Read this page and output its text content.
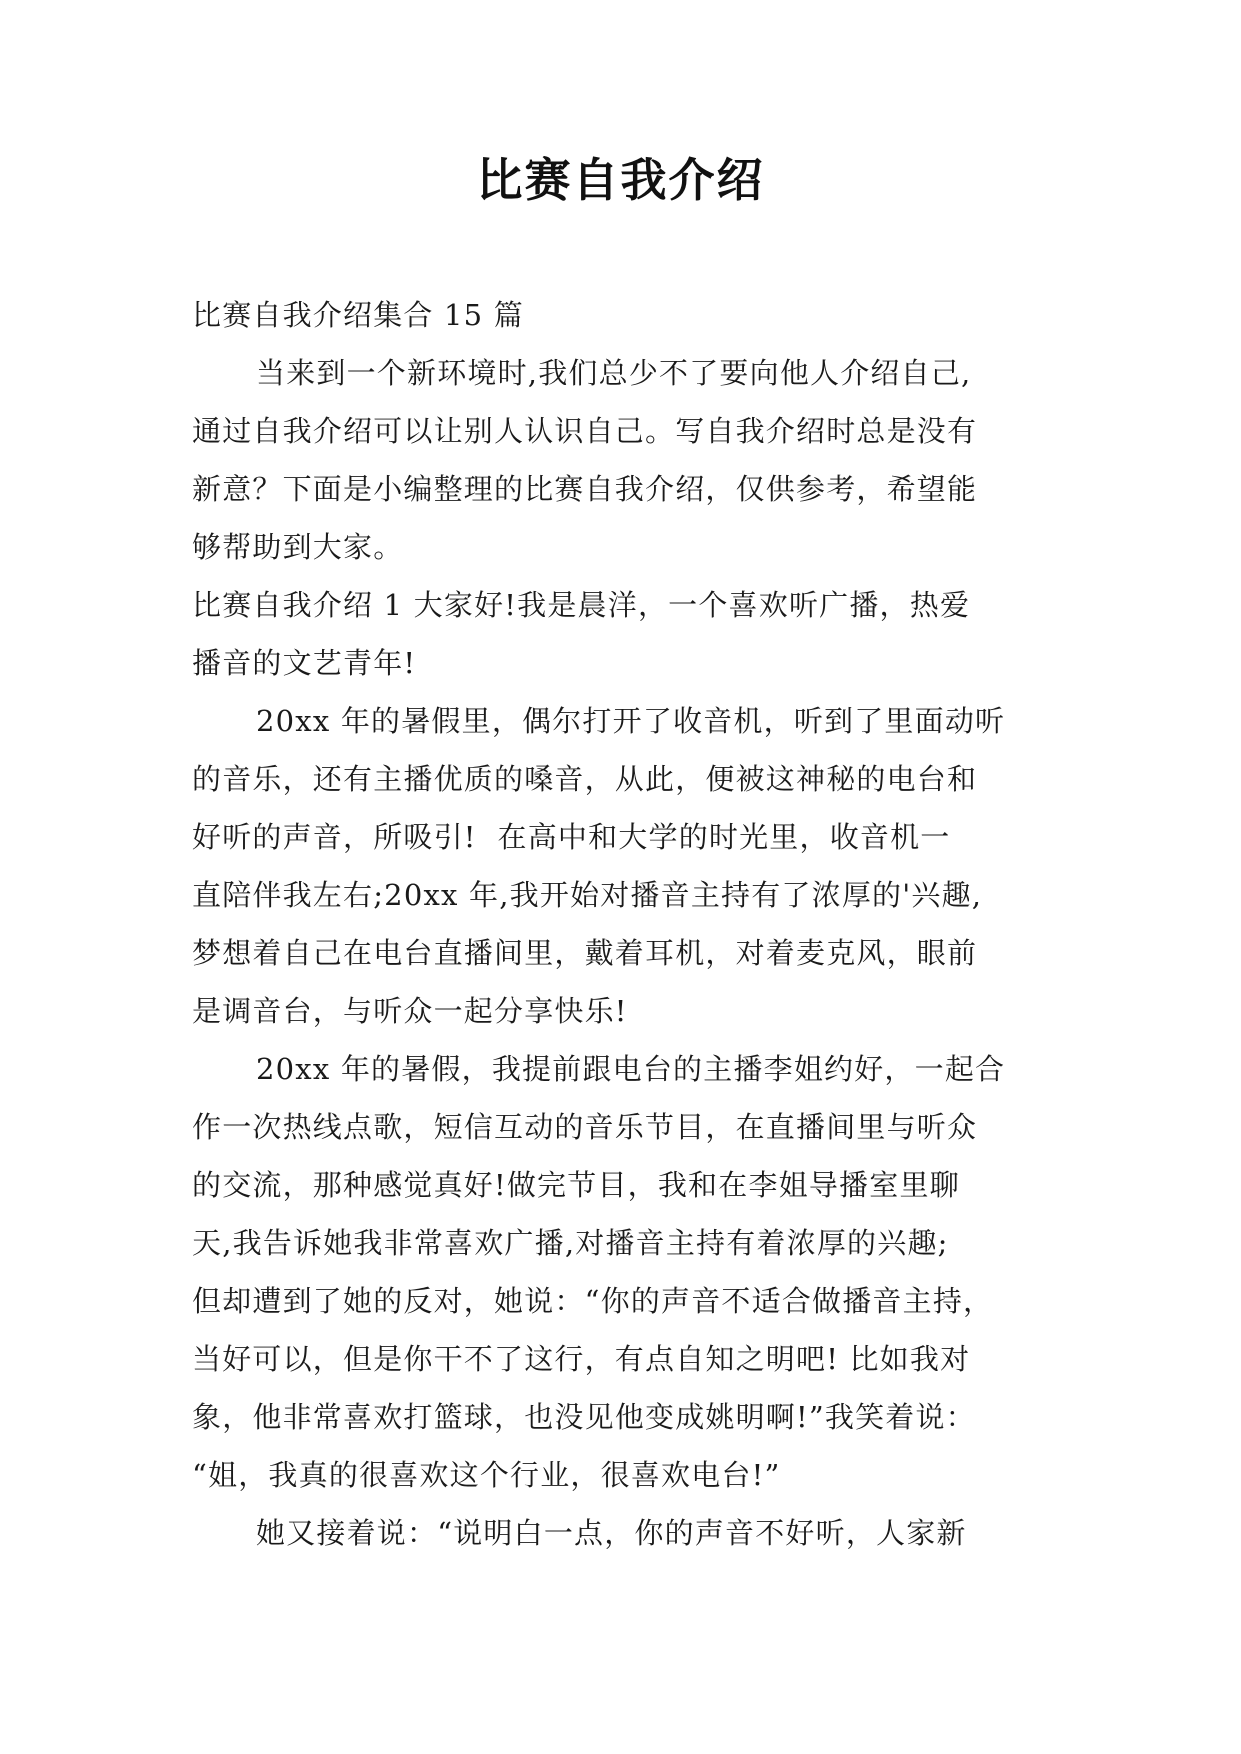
比赛自我介绍
比赛自我介绍集合 15 篇
当来到一个新环境时,我们总少不了要向他人介绍自己,
通过自我介绍可以让别人认识自己。写自我介绍时总是没有
新意？下面是小编整理的比赛自我介绍，仅供参考，希望能
够帮助到大家。
比赛自我介绍 1 大家好!我是晨洋，一个喜欢听广播，热爱
播音的文艺青年!
20xx 年的暑假里，偶尔打开了收音机，听到了里面动听
的音乐，还有主播优质的嗓音，从此，便被这神秘的电台和
好听的声音，所吸引!  在高中和大学的时光里，收音机一
直陪伴我左右;20xx 年,我开始对播音主持有了浓厚的'兴趣,
梦想着自己在电台直播间里，戴着耳机，对着麦克风，眼前
是调音台，与听众一起分享快乐!
20xx 年的暑假，我提前跟电台的主播李姐约好，一起合
作一次热线点歌，短信互动的音乐节目，在直播间里与听众
的交流，那种感觉真好!做完节目，我和在李姐导播室里聊
天,我告诉她我非常喜欢广播,对播音主持有着浓厚的兴趣;
但却遭到了她的反对，她说：“你的声音不适合做播音主持，
当好可以，但是你干不了这行，有点自知之明吧! 比如我对
象，他非常喜欢打篮球，也没见他变成姚明啊!”我笑着说：
“姐，我真的很喜欢这个行业，很喜欢电台!”
她又接着说：“说明白一点，你的声音不好听，人家新
